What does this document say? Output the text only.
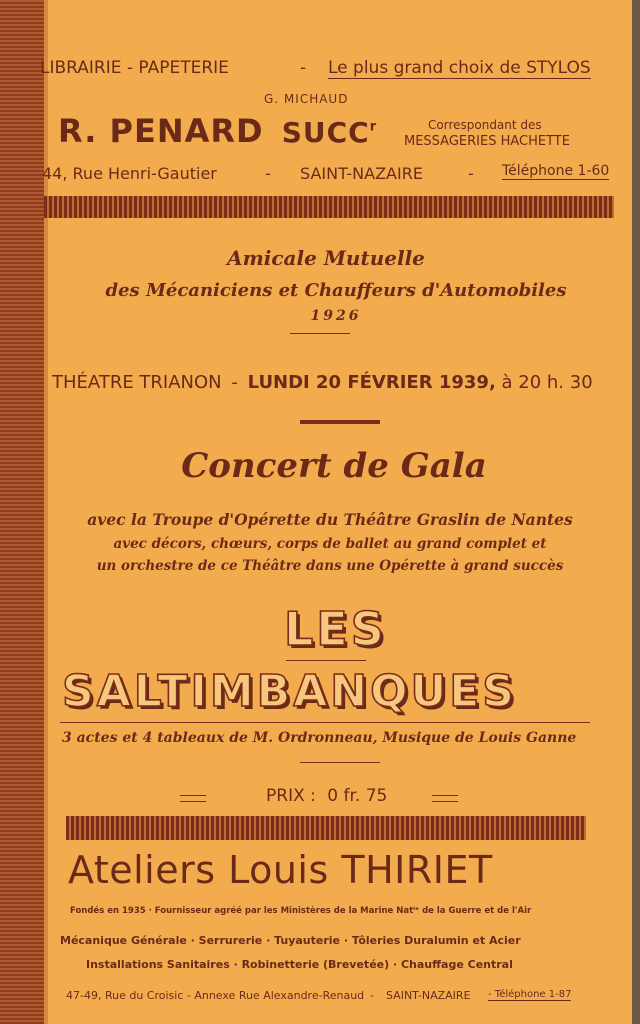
LIBRAIRIE - PAPETERIE	- Le plus grand choix de STYLOS
G. MICHAUD
R. PENARD SUCC$^r$	Correspondant des
MESSAGERIES HACHETTE
44, Rue Henri-Gautier	- SAINT-NAZAIRE	- Téléphone 1-60
Amicale Mutuelle
des Mécaniciens et Chauffeurs d'Automobiles
1926
THÉATRE TRIANON - LUNDI 20 FÉVRIER 1939, à 20 h. 30
Concert de Gala
avec la Troupe d'Opérette du Théâtre Graslin de Nantes
avec décors, chœurs, corps de ballet au grand complet et
un orchestre de ce Théâtre dans une Opérette à grand succès
LES
SALTIMBANQUES
3 actes et 4 tableaux de M. Ordronneau, Musique de Louis Ganne
PRIX : 0 fr. 75
Ateliers Louis THIRIET
Fondés en 1935 · Fournisseur agréé par les Ministères de la Marine Natˡᵉ de la Guerre et de l'Air
Mécanique Générale · Serrurerie · Tuyauterie · Tôleries Duralumin et Acier
Installations Sanitaires · Robinetterie (Brevetée) · Chauffage Central
47-49, Rue du Croisic - Annexe Rue Alexandre-Renaud - SAINT-NAZAIRE - Téléphone 1-87
